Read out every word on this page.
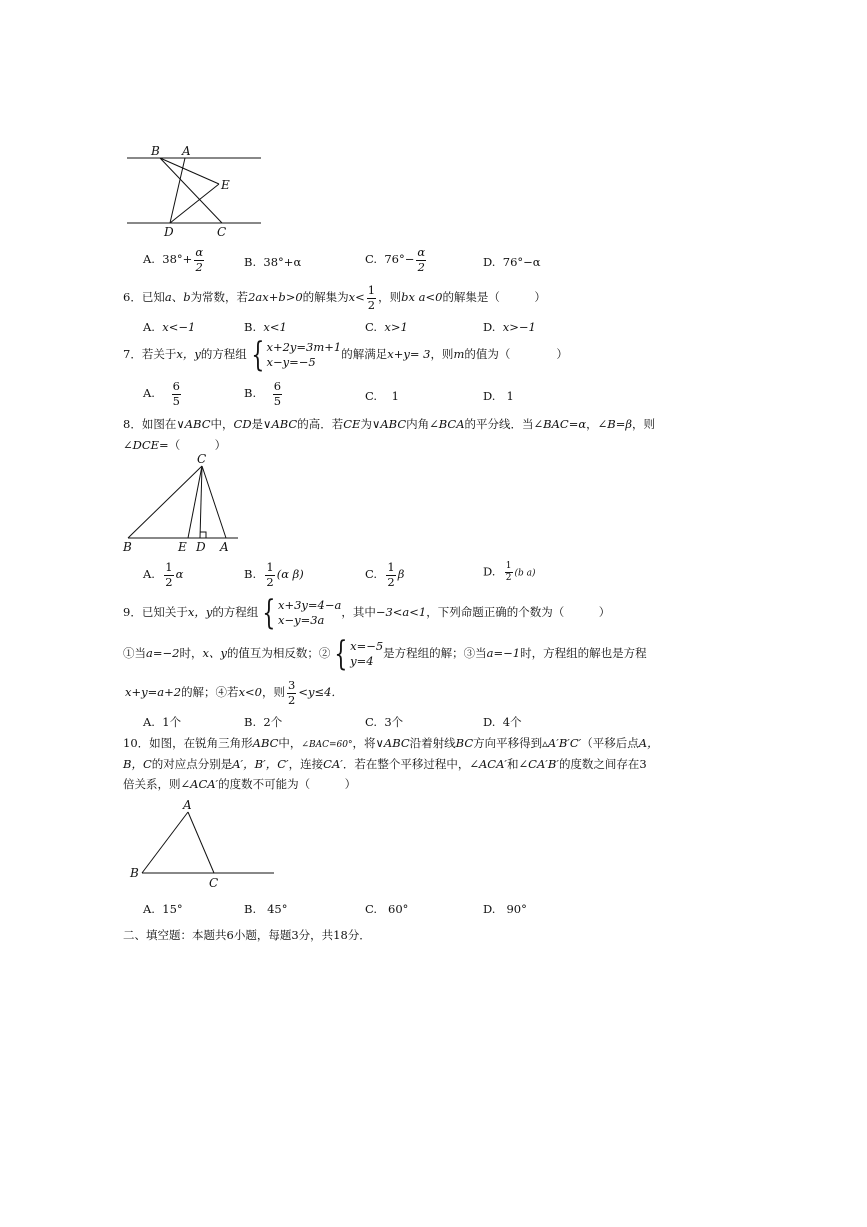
B A
E
D	C
A. $38^\circ+ \frac{\alpha}{2}$	B. 38°+α	C. $76^\circ- \frac{\alpha}{2}$	D. 76°−α
6．已知a、b为常数，若2ax+b>0的解集为$x< \frac{1}{2}$ ，则bx a<0的解集是（　　　）
A. x<−1	B. x<1	C. x>1	D. x>−1
7．若关于x，y的方程组 { x+2y=3m+1
x−y=−5
的解满足x+y= 3，则m的值为（　　　　）
A. $\frac{6}{5}$	B. $\frac{6}{5}$	C. 1	D. 1
8．如图在∨ABC中，CD是∨ABC的高．若CE为∨ABC内角∠BCA的平分线．当∠BAC=α，∠B=β，则
∠DCE=（　　　）
C
B	E D A
A. $\frac{1}{2}$ α	B. $\frac{1}{2} (\alpha$ β)	C. $\frac{1}{2}$ β	D. $\frac{1}{2} (b$ a)
9．已知关于x，y的方程组 { x+3y=4−a
x−y=3a
，其中−3<a<1，下列命题正确的个数为（　　　）
①当a=−2时，x、y的值互为相反数；② { x=−5
y=4
是方程组的解；③当a=−1时，方程组的解也是方程
x+y=a+2的解；④若x<0，则 $\frac{3}{2} <y\le 4$．
A. 1个	B. 2个	C. 3个	D. 4个
10．如图，在锐角三角形ABC中，∠BAC=60°，将∨ABC沿着射线BC方向平移得到▵A′B′C′（平移后点A，
B，C的对应点分别是A′，B′，C′，连接CA′．若在整个平移过程中，∠ACA′和∠CA′B′的度数之间存在3
倍关系，则∠ACA′的度数不可能为（　　　）
A
B
C
A. 15°	B. 45°	C. 60°	D. 90°
二、填空题：本题共6小题，每题3分，共18分．
